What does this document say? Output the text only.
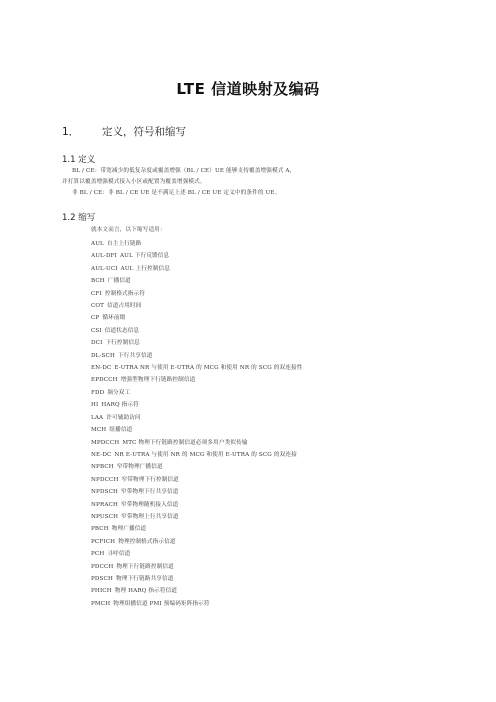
LTE 信道映射及编码
1． 定义，符号和缩写
1.1 定义
BL / CE：带宽减少的低复杂度或覆盖增强（BL / CE）UE 能够支持覆盖增强模式 A，
并打算以覆盖增强模式接入小区或配置为覆盖增强模式。
非 BL / CE：非 BL / CE UE 是不满足上述 BL / CE UE 定义中的条件的 UE。
1.2 缩写
就本文而言，以下缩写适用：
AUL 自主上行链路
AUL-DFI AUL 下行反馈信息
AUL-UCI AUL 上行控制信息
BCH 广播信道
CFI 控制格式指示符
COT 信道占用时间
CP 循环前缀
CSI 信道状态信息
DCI 下行控制信息
DL-SCH 下行共享信道
EN-DC E-UTRA NR 与使用 E-UTRA 的 MCG 和使用 NR 的 SCG 的双连接性
EPDCCH 增强型物理下行链路控制信道
FDD 频分双工
HI HARQ 指示符
LAA 许可辅助访问
MCH 组播信道
MPDCCH MTC 物理下行链路控制信道必须多用户类似传输
NE-DC NR E-UTRA 与使用 NR 的 MCG 和使用 E-UTRA 的 SCG 的双连接
NPBCH 窄带物理广播信道
NPDCCH 窄带物理下行控制信道
NPDSCH 窄带物理下行共享信道
NPRACH 窄带物理随机接入信道
NPUSCH 窄带物理上行共享信道
PBCH 物理广播信道
PCFICH 物理控制格式指示信道
PCH 寻呼信道
PDCCH 物理下行链路控制信道
PDSCH 物理下行链路共享信道
PHICH 物理 HARQ 指示符信道
PMCH 物理组播信道 PMI 预编码矩阵指示符
